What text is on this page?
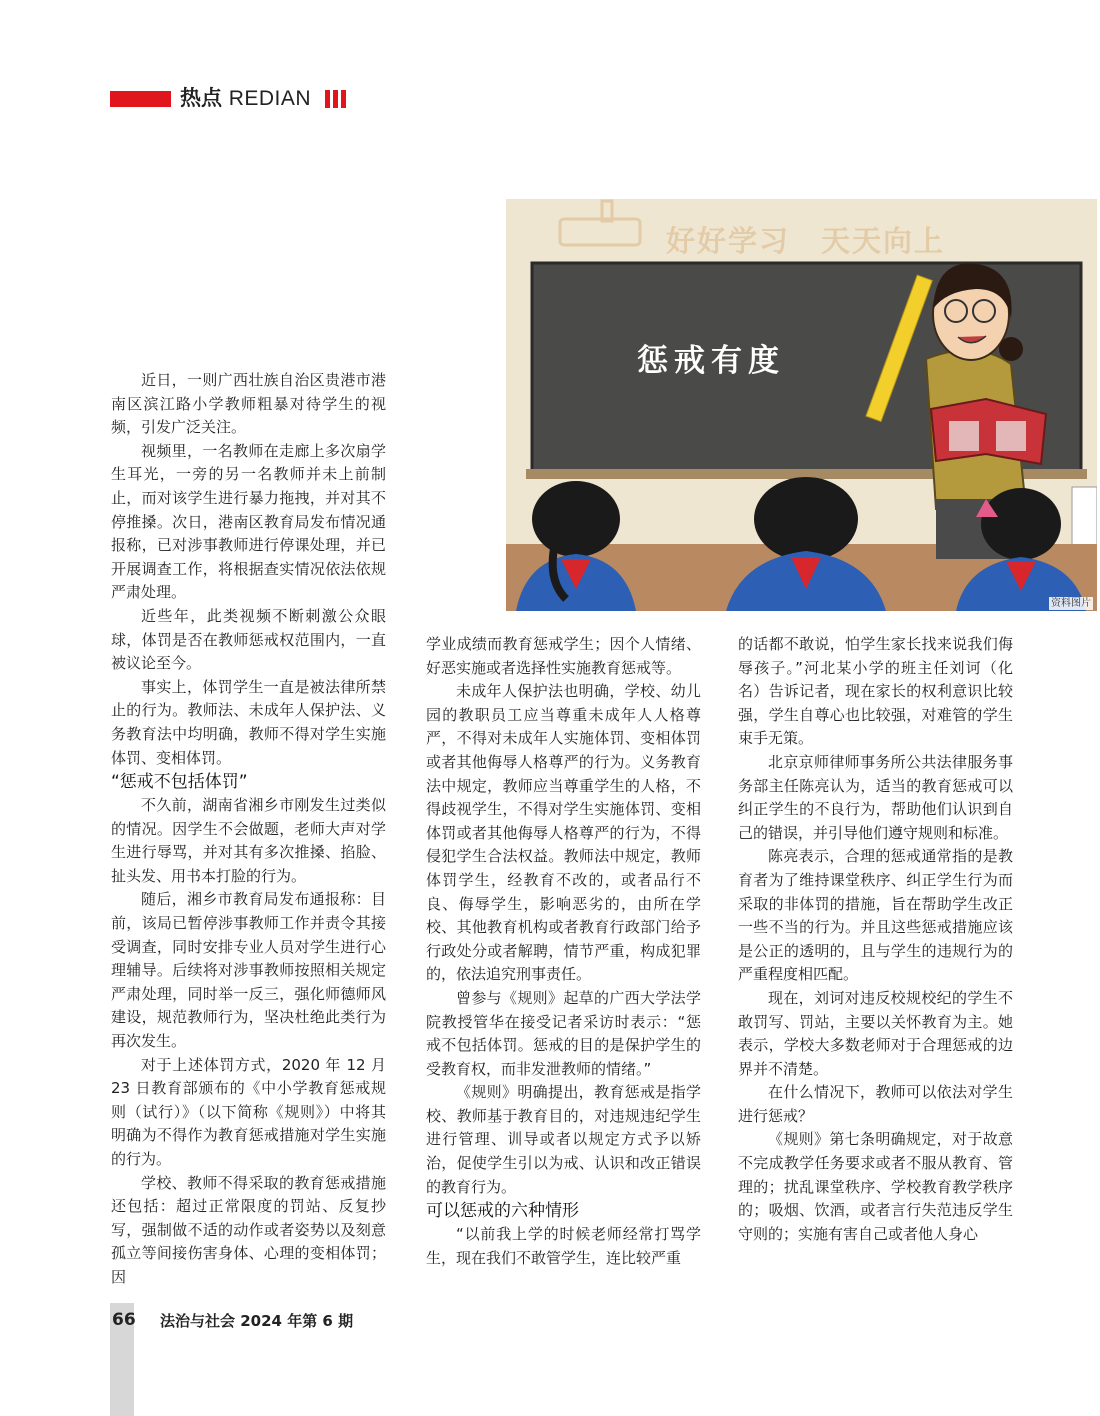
热点 REDIAN
好好学习　天天向上
惩戒有度
资料图片

近日，一则广西壮族自治区贵港市港南区滨江路小学教师粗暴对待学生的视频，引发广泛关注。

视频里，一名教师在走廊上多次扇学生耳光，一旁的另一名教师并未上前制止，而对该学生进行暴力拖拽，并对其不停推搡。次日，港南区教育局发布情况通报称，已对涉事教师进行停课处理，并已开展调查工作，将根据查实情况依法依规严肃处理。

近些年，此类视频不断刺激公众眼球，体罚是否在教师惩戒权范围内，一直被议论至今。

事实上，体罚学生一直是被法律所禁止的行为。教师法、未成年人保护法、义务教育法中均明确，教师不得对学生实施体罚、变相体罚。

“惩戒不包括体罚”

不久前，湖南省湘乡市刚发生过类似的情况。因学生不会做题，老师大声对学生进行辱骂，并对其有多次推搡、掐脸、扯头发、用书本打脸的行为。

随后，湘乡市教育局发布通报称：目前，该局已暂停涉事教师工作并责令其接受调查，同时安排专业人员对学生进行心理辅导。后续将对涉事教师按照相关规定严肃处理，同时举一反三，强化师德师风建设，规范教师行为，坚决杜绝此类行为再次发生。

对于上述体罚方式，2020 年 12 月 23 日教育部颁布的《中小学教育惩戒规则（试行）》（以下简称《规则》）中将其明确为不得作为教育惩戒措施对学生实施的行为。

学校、教师不得采取的教育惩戒措施还包括：超过正常限度的罚站、反复抄写，强制做不适的动作或者姿势以及刻意孤立等间接伤害身体、心理的变相体罚；因

学业成绩而教育惩戒学生；因个人情绪、好恶实施或者选择性实施教育惩戒等。

未成年人保护法也明确，学校、幼儿园的教职员工应当尊重未成年人人格尊严，不得对未成年人实施体罚、变相体罚或者其他侮辱人格尊严的行为。义务教育法中规定，教师应当尊重学生的人格，不得歧视学生，不得对学生实施体罚、变相体罚或者其他侮辱人格尊严的行为，不得侵犯学生合法权益。教师法中规定，教师体罚学生，经教育不改的，或者品行不良、侮辱学生，影响恶劣的，由所在学校、其他教育机构或者教育行政部门给予行政处分或者解聘，情节严重，构成犯罪的，依法追究刑事责任。

曾参与《规则》起草的广西大学法学院教授管华在接受记者采访时表示：“惩戒不包括体罚。惩戒的目的是保护学生的受教育权，而非发泄教师的情绪。”

《规则》明确提出，教育惩戒是指学校、教师基于教育目的，对违规违纪学生进行管理、训导或者以规定方式予以矫治，促使学生引以为戒、认识和改正错误的教育行为。

可以惩戒的六种情形

“以前我上学的时候老师经常打骂学生，现在我们不敢管学生，连比较严重

的话都不敢说，怕学生家长找来说我们侮辱孩子。”河北某小学的班主任刘诃（化名）告诉记者，现在家长的权利意识比较强，学生自尊心也比较强，对难管的学生束手无策。

北京京师律师事务所公共法律服务事务部主任陈亮认为，适当的教育惩戒可以纠正学生的不良行为，帮助他们认识到自己的错误，并引导他们遵守规则和标准。

陈亮表示，合理的惩戒通常指的是教育者为了维持课堂秩序、纠正学生行为而采取的非体罚的措施，旨在帮助学生改正一些不当的行为。并且这些惩戒措施应该是公正的透明的，且与学生的违规行为的严重程度相匹配。

现在，刘诃对违反校规校纪的学生不敢罚写、罚站，主要以关怀教育为主。她表示，学校大多数老师对于合理惩戒的边界并不清楚。

在什么情况下，教师可以依法对学生进行惩戒？

《规则》第七条明确规定，对于故意不完成教学任务要求或者不服从教育、管理的；扰乱课堂秩序、学校教育教学秩序的；吸烟、饮酒，或者言行失范违反学生守则的；实施有害自己或者他人身心

66 法治与社会 2024 年第 6 期
